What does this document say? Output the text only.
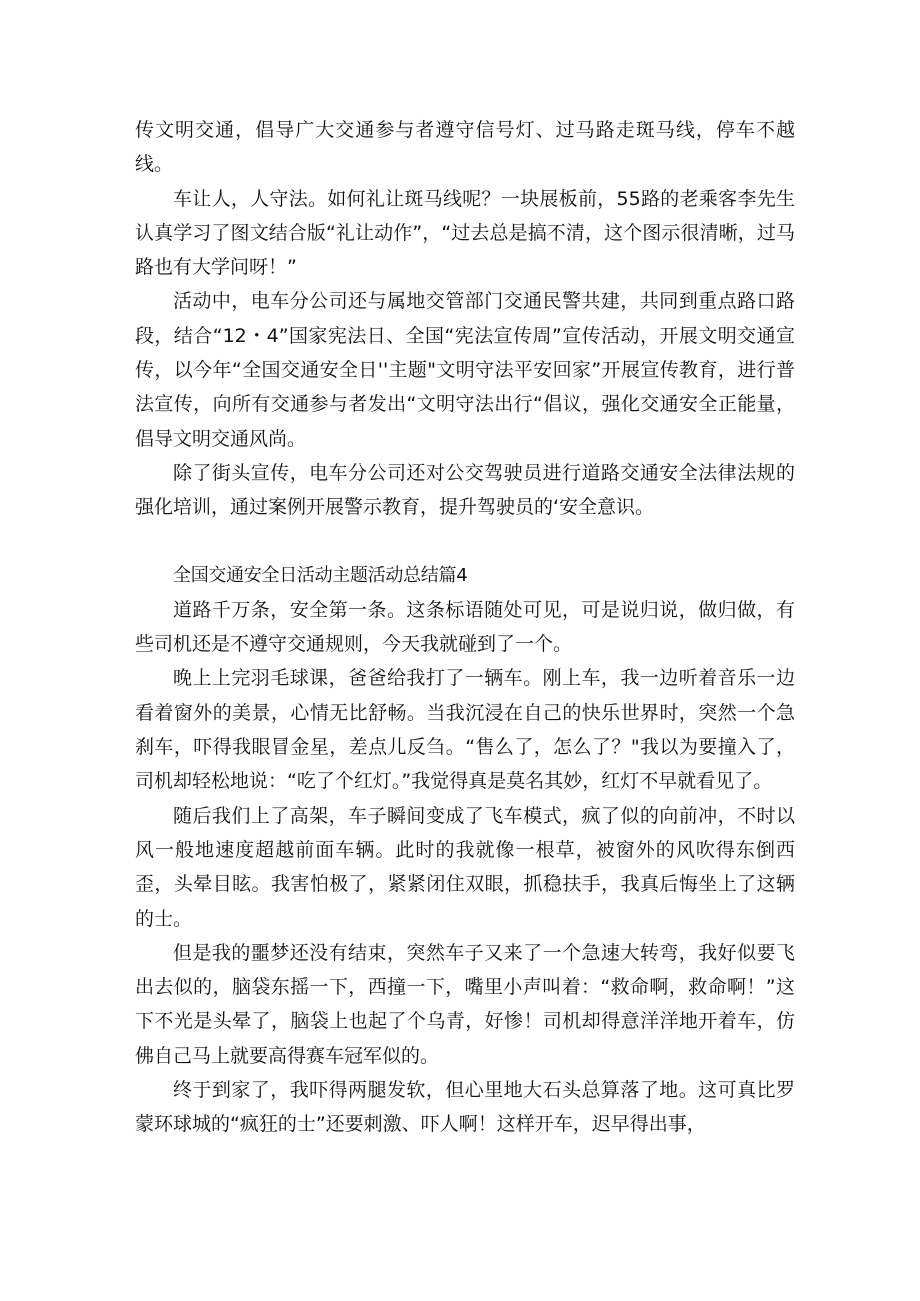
传文明交通，倡导广大交通参与者遵守信号灯、过马路走斑马线，停车不越线。

车让人，人守法。如何礼让斑马线呢？一块展板前，55路的老乘客李先生认真学习了图文结合版“礼让动作”，“过去总是搞不清，这个图示很清晰，过马路也有大学问呀！”

活动中，电车分公司还与属地交管部门交通民警共建，共同到重点路口路段，结合“12・4”国家宪法日、全国“宪法宣传周”宣传活动，开展文明交通宣传，以今年“全国交通安全日''主题"文明守法平安回家”开展宣传教育，进行普法宣传，向所有交通参与者发出“文明守法出行“倡议，强化交通安全正能量，倡导文明交通风尚。

除了街头宣传，电车分公司还对公交驾驶员进行道路交通安全法律法规的强化培训，通过案例开展警示教育，提升驾驶员的‘安全意识。

全国交通安全日活动主题活动总结篇4

道路千万条，安全第一条。这条标语随处可见，可是说归说，做归做，有些司机还是不遵守交通规则，今天我就碰到了一个。

晚上上完羽毛球课，爸爸给我打了一辆车。刚上车，我一边听着音乐一边看着窗外的美景，心情无比舒畅。当我沉浸在自己的快乐世界时，突然一个急刹车，吓得我眼冒金星，差点儿反刍。“售么了，怎么了？"我以为要撞入了，司机却轻松地说：“吃了个红灯。”我觉得真是莫名其妙，红灯不早就看见了。

随后我们上了高架，车子瞬间变成了飞车模式，疯了似的向前冲，不时以风一般地速度超越前面车辆。此时的我就像一根草，被窗外的风吹得东倒西歪，头晕目眩。我害怕极了，紧紧闭住双眼，抓稳扶手，我真后悔坐上了这辆的士。

但是我的噩梦还没有结束，突然车子又来了一个急速大转弯，我好似要飞出去似的，脑袋东摇一下，西撞一下，嘴里小声叫着：“救命啊，救命啊！”这下不光是头晕了，脑袋上也起了个乌青，好惨！司机却得意洋洋地开着车，仿佛自己马上就要高得赛车冠军似的。

终于到家了，我吓得两腿发软，但心里地大石头总算落了地。这可真比罗蒙环球城的“疯狂的士”还要刺激、吓人啊！这样开车，迟早得出事，
